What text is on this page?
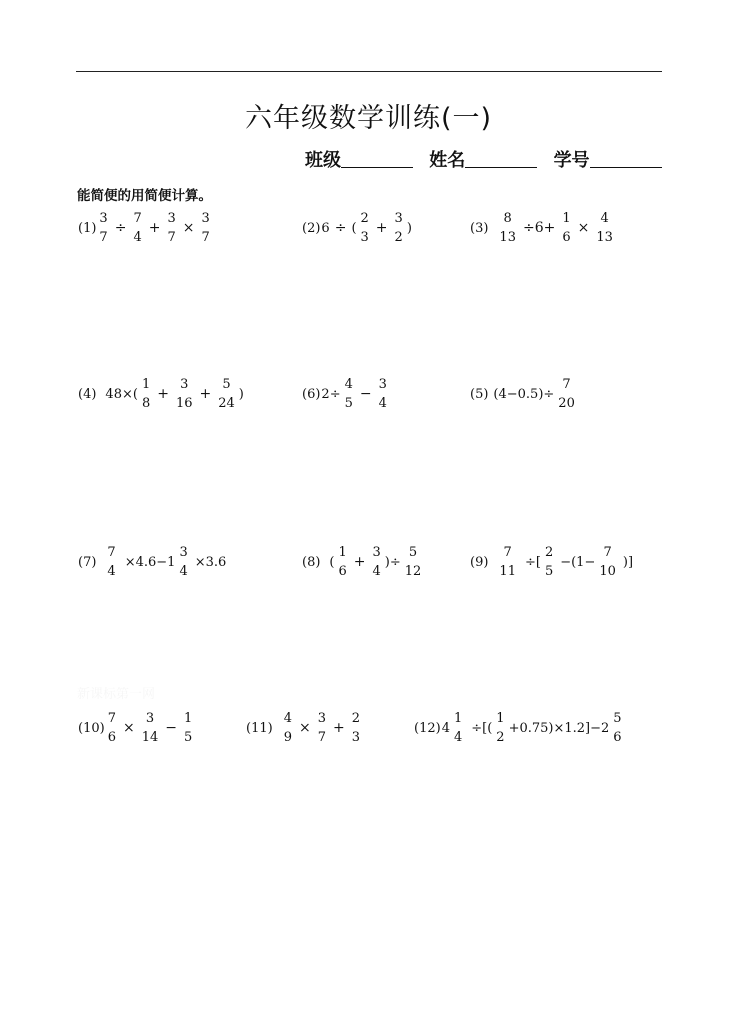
六年级数学训练(一)
班级	姓名	学号
能简便的用简便计算。
新课标第一网
(1)
3
7
÷
7
4
+
3
7
×
3
7
(2) 6 ÷ (
2
3
+
3
2
)	(3)
8
13
÷6+
1
6
×
4
13
(4) 48×(
1
8
+
3
16
+
5
24
)	(6) 2÷
4
5
−
3
4
(5) (4−0.5)÷
7
20
(7)
7
4
×4.6−1
3
4
×3.6	(8) (
1
6
+
3
4
)÷
5
12
(9)
7
11
÷[
2
5
−(1−
7
10
)]
(10)
7
6
×
3
14
−
1
5
(11)
4
9
×
3
7
+
2
3
(12) 4
1
4
÷[(
1
2
+0.75)×1.2]−2
5
6
